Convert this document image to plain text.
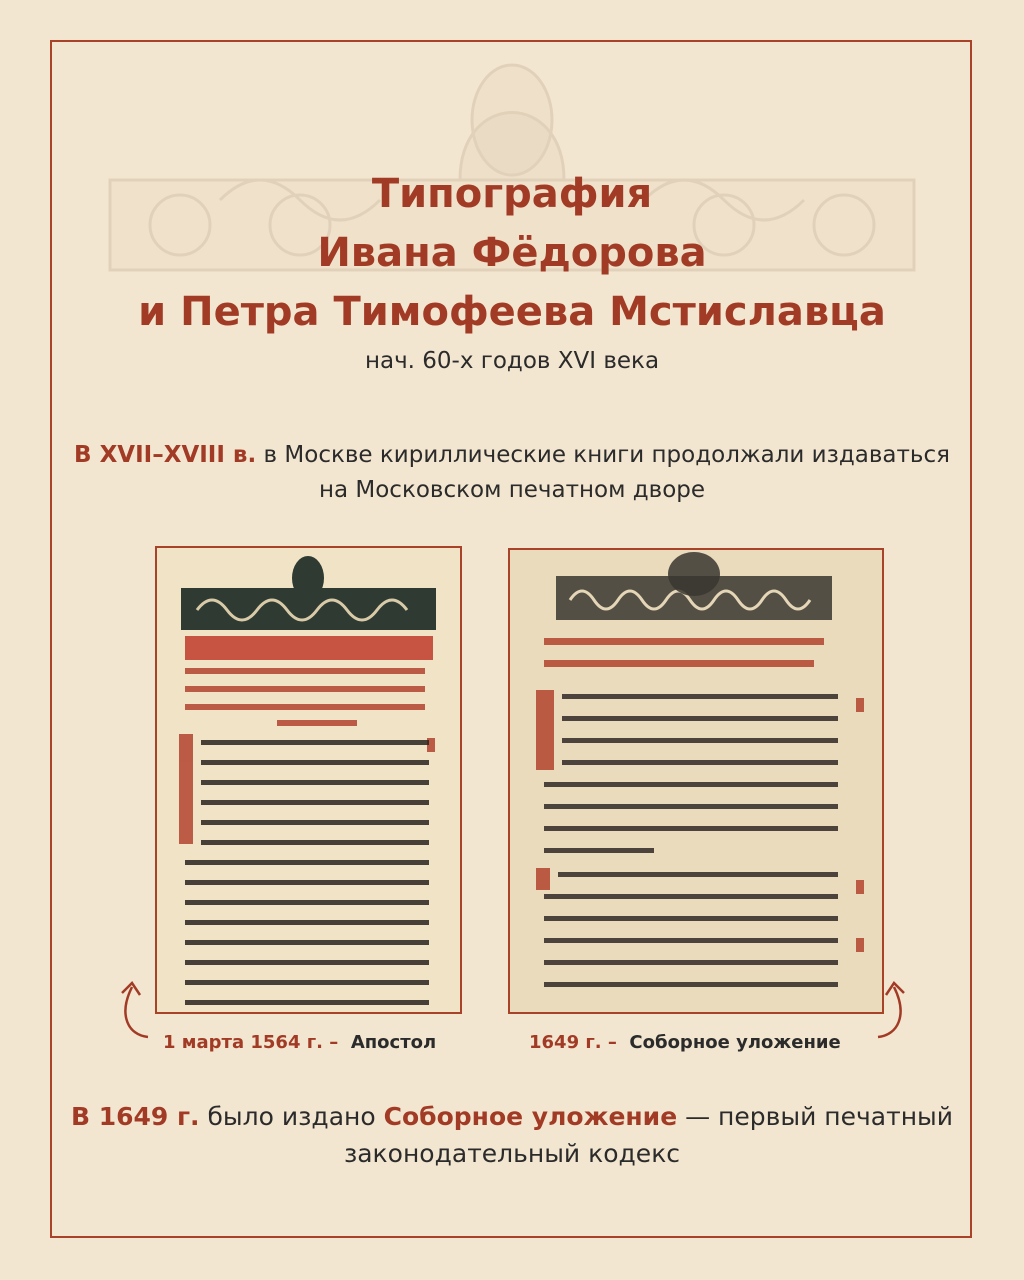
Типография
Ивана Фёдорова
и Петра Тимофеева Мстиславца
нач. 60-х годов XVI века
В XVII–XVIII в. в Москве кириллические книги продолжали издаваться на Московском печатном дворе
1 марта 1564 г. – Апостол	1649 г. – Соборное уложение
В 1649 г. было издано Соборное уложение — первый печатный законодательный кодекс
